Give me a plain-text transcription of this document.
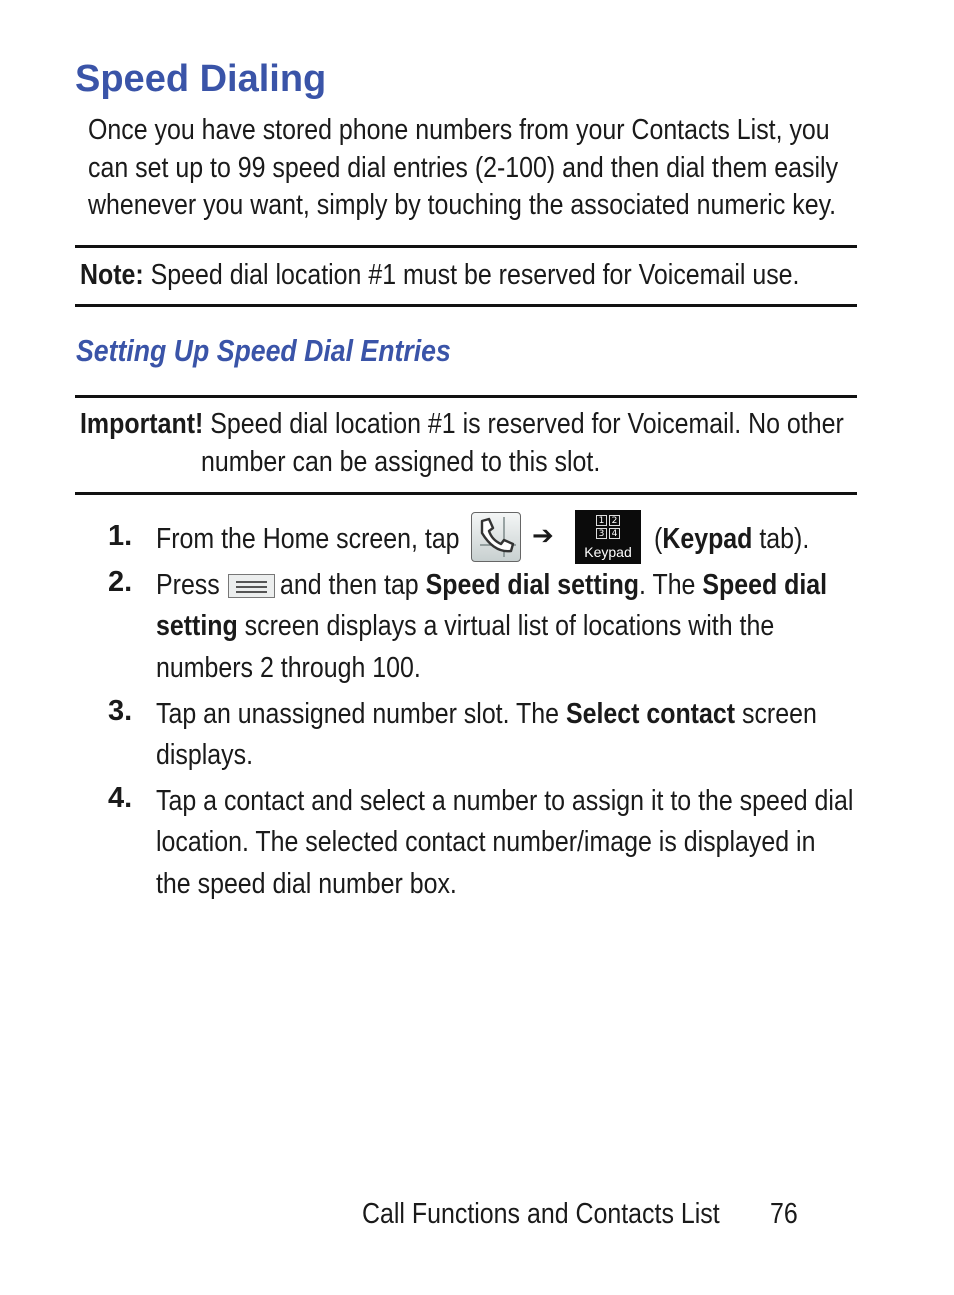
Speed Dialing
Once you have stored phone numbers from your Contacts List, you
can set up to 99 speed dial entries (2-100) and then dial them easily
whenever you want, simply by touching the associated numeric key.
Note: Speed dial location #1 must be reserved for Voicemail use.
Setting Up Speed Dial Entries
Important! Speed dial location #1 is reserved for Voicemail. No other
number can be assigned to this slot.
1. From the Home screen, tap	➔	1 2
3 4
Keypad (Keypad tab).
2. Press	and then tap Speed dial setting. The Speed dial
setting screen displays a virtual list of locations with the
numbers 2 through 100.
3. Tap an unassigned number slot. The Select contact screen
displays.
4. Tap a contact and select a number to assign it to the speed dial
location. The selected contact number/image is displayed in
the speed dial number box.
Call Functions and Contacts List	76
